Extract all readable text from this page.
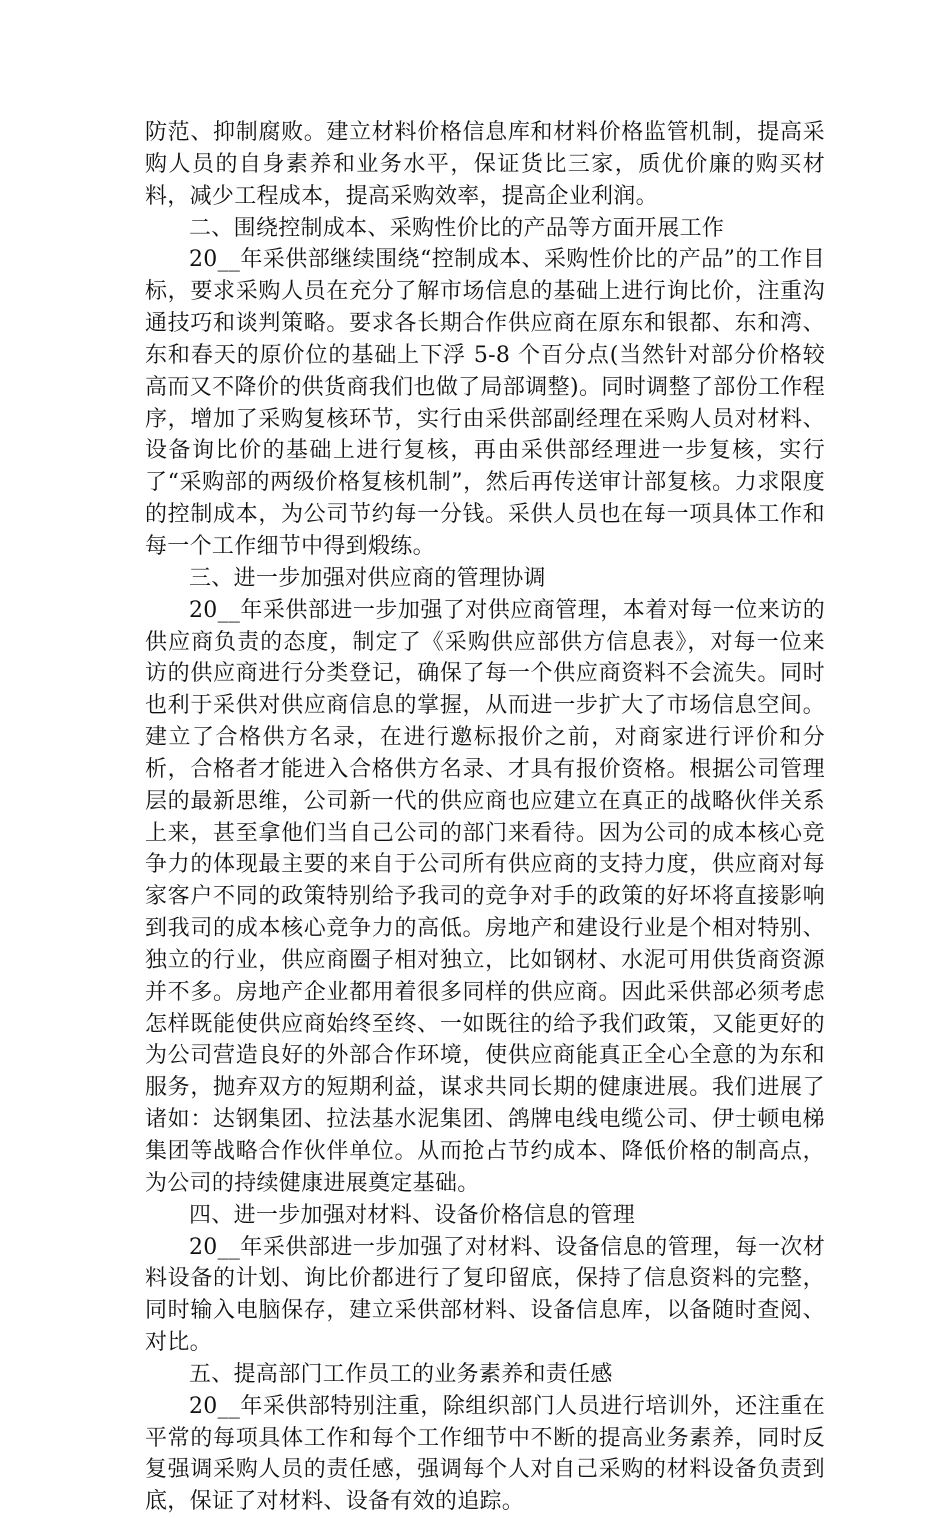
防范、抑制腐败。建立材料价格信息库和材料价格监管机制，提高采购人员的自身素养和业务水平，保证货比三家，质优价廉的购买材料，减少工程成本，提高采购效率，提高企业利润。

二、围绕控制成本、采购性价比的产品等方面开展工作

20__年采供部继续围绕“控制成本、采购性价比的产品”的工作目标，要求采购人员在充分了解市场信息的基础上进行询比价，注重沟通技巧和谈判策略。要求各长期合作供应商在原东和银都、东和湾、东和春天的原价位的基础上下浮 5-8 个百分点(当然针对部分价格较高而又不降价的供货商我们也做了局部调整)。同时调整了部份工作程序，增加了采购复核环节，实行由采供部副经理在采购人员对材料、设备询比价的基础上进行复核，再由采供部经理进一步复核，实行了“采购部的两级价格复核机制”，然后再传送审计部复核。力求限度的控制成本，为公司节约每一分钱。采供人员也在每一项具体工作和每一个工作细节中得到煅练。

三、进一步加强对供应商的管理协调

20__年采供部进一步加强了对供应商管理，本着对每一位来访的供应商负责的态度，制定了《采购供应部供方信息表》，对每一位来访的供应商进行分类登记，确保了每一个供应商资料不会流失。同时也利于采供对供应商信息的掌握，从而进一步扩大了市场信息空间。建立了合格供方名录，在进行邀标报价之前，对商家进行评价和分析，合格者才能进入合格供方名录、才具有报价资格。根据公司管理层的最新思维，公司新一代的供应商也应建立在真正的战略伙伴关系上来，甚至拿他们当自己公司的部门来看待。因为公司的成本核心竞争力的体现最主要的来自于公司所有供应商的支持力度，供应商对每家客户不同的政策特别给予我司的竞争对手的政策的好坏将直接影响到我司的成本核心竞争力的高低。房地产和建设行业是个相对特别、独立的行业，供应商圈子相对独立，比如钢材、水泥可用供货商资源并不多。房地产企业都用着很多同样的供应商。因此采供部必须考虑怎样既能使供应商始终至终、一如既往的给予我们政策，又能更好的为公司营造良好的外部合作环境，使供应商能真正全心全意的为东和服务，抛弃双方的短期利益，谋求共同长期的健康进展。我们进展了诸如：达钢集团、拉法基水泥集团、鸽牌电线电缆公司、伊士顿电梯集团等战略合作伙伴单位。从而抢占节约成本、降低价格的制高点，为公司的持续健康进展奠定基础。

四、进一步加强对材料、设备价格信息的管理

20__年采供部进一步加强了对材料、设备信息的管理，每一次材料设备的计划、询比价都进行了复印留底，保持了信息资料的完整，同时输入电脑保存，建立采供部材料、设备信息库，以备随时查阅、对比。

五、提高部门工作员工的业务素养和责任感

20__年采供部特别注重，除组织部门人员进行培训外，还注重在平常的每项具体工作和每个工作细节中不断的提高业务素养，同时反复强调采购人员的责任感，强调每个人对自己采购的材料设备负责到底，保证了对材料、设备有效的追踪。
